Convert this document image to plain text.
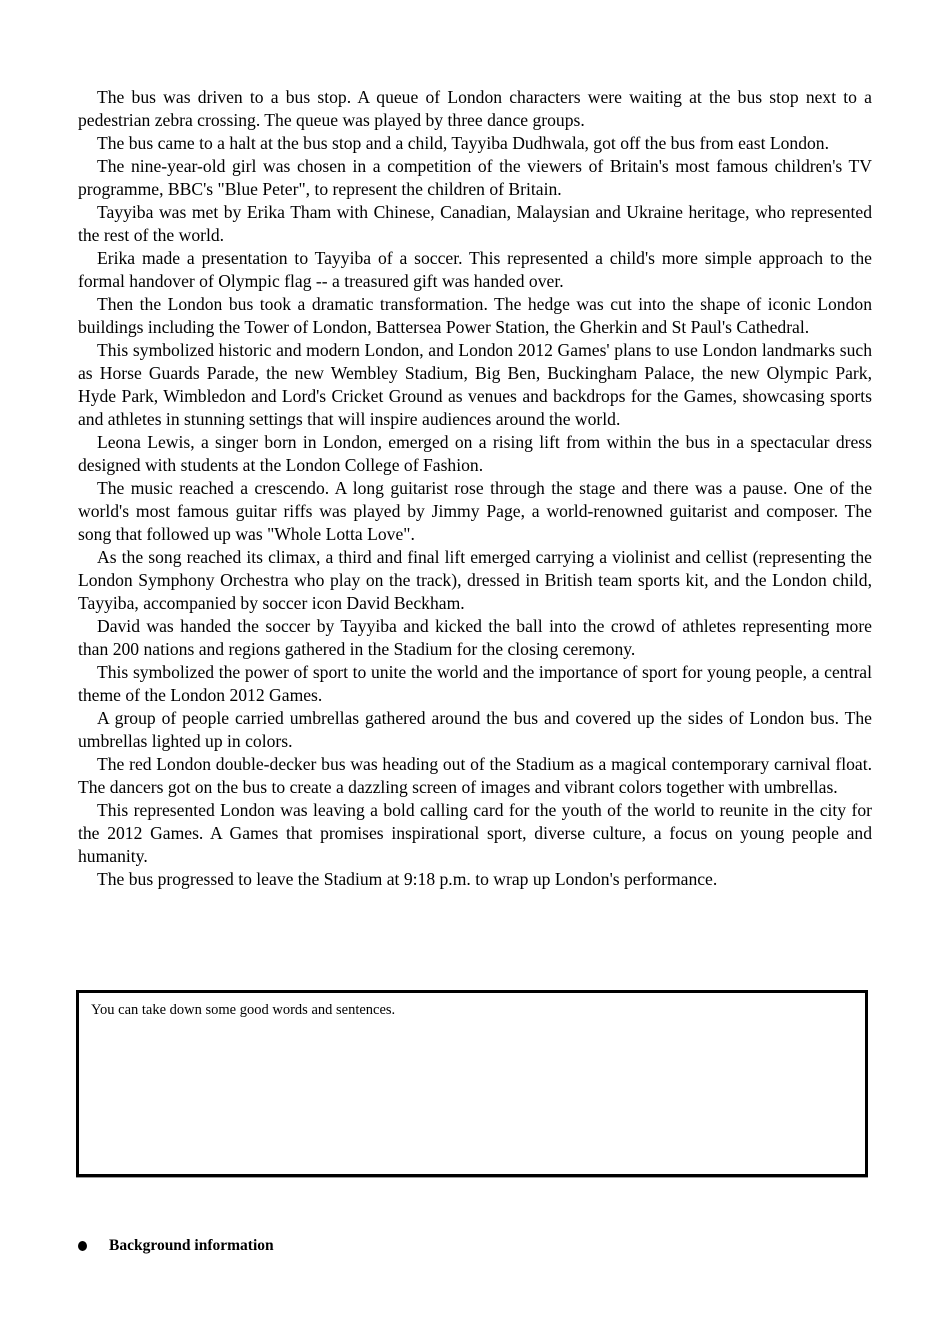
The bus was driven to a bus stop. A queue of London characters were waiting at the bus stop next to a pedestrian zebra crossing. The queue was played by three dance groups.

The bus came to a halt at the bus stop and a child, Tayyiba Dudhwala, got off the bus from east London.

The nine-year-old girl was chosen in a competition of the viewers of Britain's most famous children's TV programme, BBC's "Blue Peter", to represent the children of Britain.

Tayyiba was met by Erika Tham with Chinese, Canadian, Malaysian and Ukraine heritage, who represented the rest of the world.

Erika made a presentation to Tayyiba of a soccer. This represented a child's more simple approach to the formal handover of Olympic flag -- a treasured gift was handed over.

Then the London bus took a dramatic transformation. The hedge was cut into the shape of iconic London buildings including the Tower of London, Battersea Power Station, the Gherkin and St Paul's Cathedral.

This symbolized historic and modern London, and London 2012 Games' plans to use London landmarks such as Horse Guards Parade, the new Wembley Stadium, Big Ben, Buckingham Palace, the new Olympic Park, Hyde Park, Wimbledon and Lord's Cricket Ground as venues and backdrops for the Games, showcasing sports and athletes in stunning settings that will inspire audiences around the world.

Leona Lewis, a singer born in London, emerged on a rising lift from within the bus in a spectacular dress designed with students at the London College of Fashion.

The music reached a crescendo. A long guitarist rose through the stage and there was a pause. One of the world's most famous guitar riffs was played by Jimmy Page, a world-renowned guitarist and composer. The song that followed up was "Whole Lotta Love".

As the song reached its climax, a third and final lift emerged carrying a violinist and cellist (representing the London Symphony Orchestra who play on the track), dressed in British team sports kit, and the London child, Tayyiba, accompanied by soccer icon David Beckham.

David was handed the soccer by Tayyiba and kicked the ball into the crowd of athletes representing more than 200 nations and regions gathered in the Stadium for the closing ceremony.

This symbolized the power of sport to unite the world and the importance of sport for young people, a central theme of the London 2012 Games.

A group of people carried umbrellas gathered around the bus and covered up the sides of London bus. The umbrellas lighted up in colors.

The red London double-decker bus was heading out of the Stadium as a magical contemporary carnival float. The dancers got on the bus to create a dazzling screen of images and vibrant colors together with umbrellas.

This represented London was leaving a bold calling card for the youth of the world to reunite in the city for the 2012 Games. A Games that promises inspirational sport, diverse culture, a focus on young people and humanity.

The bus progressed to leave the Stadium at 9:18 p.m. to wrap up London's performance.

You can take down some good words and sentences.
Background information
